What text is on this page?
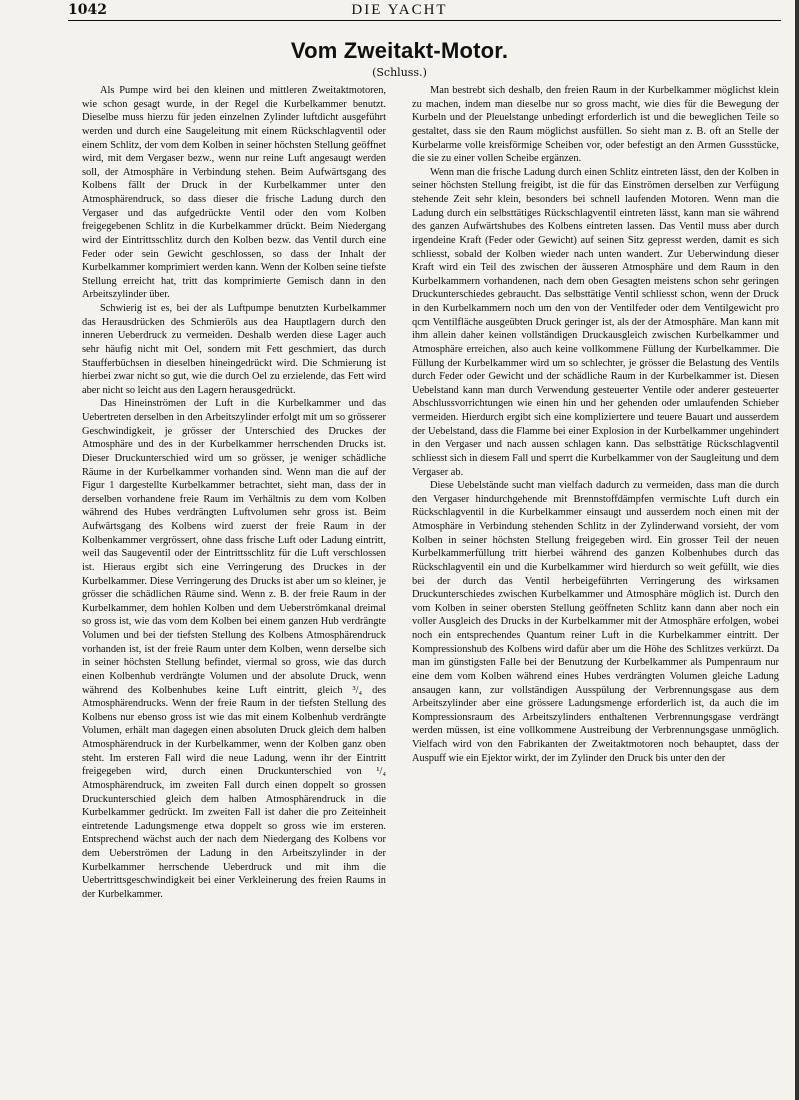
1042	DIE YACHT
Vom Zweitakt-Motor.
(Schluss.)

Als Pumpe wird bei den kleinen und mittleren Zweitaktmotoren, wie schon gesagt wurde, in der Regel die Kurbelkammer benutzt. Dieselbe muss hierzu für jeden einzelnen Zylinder luftdicht ausgeführt werden und durch eine Saugeleitung mit einem Rückschlagventil oder einem Schlitz, der vom dem Kolben in seiner höchsten Stellung geöffnet wird, mit dem Vergaser bezw., wenn nur reine Luft angesaugt werden soll, der Atmosphäre in Verbindung stehen. Beim Aufwärtsgang des Kolbens fällt der Druck in der Kurbelkammer unter den Atmosphärendruck, so dass dieser die frische Ladung durch den Vergaser und das aufgedrückte Ventil oder den vom Kolben freigegebenen Schlitz in die Kurbelkammer drückt. Beim Niedergang wird der Eintrittsschlitz durch den Kolben bezw. das Ventil durch eine Feder oder sein Gewicht geschlossen, so dass der Inhalt der Kurbelkammer komprimiert werden kann. Wenn der Kolben seine tiefste Stellung erreicht hat, tritt das komprimierte Gemisch dann in den Arbeitszylinder über.

Schwierig ist es, bei der als Luftpumpe benutzten Kurbelkammer das Herausdrücken des Schmieröls aus dea Hauptlagern durch den inneren Ueberdruck zu vermeiden. Deshalb werden diese Lager auch sehr häufig nicht mit Oel, sondern mit Fett geschmiert, das durch Staufferbüchsen in dieselben hineingedrückt wird. Die Schmierung ist hierbei zwar nicht so gut, wie die durch Oel zu erzielende, das Fett wird aber nicht so leicht aus den Lagern herausgedrückt.

Das Hineinströmen der Luft in die Kurbelkammer und das Uebertreten derselben in den Arbeitszylinder erfolgt mit um so grösserer Geschwindigkeit, je grösser der Unterschied des Druckes der Atmosphäre und des in der Kurbelkammer herrschenden Drucks ist. Dieser Druckunterschied wird um so grösser, je weniger schädliche Räume in der Kurbelkammer vorhanden sind. Wenn man die auf der Figur 1 dargestellte Kurbelkammer betrachtet, sieht man, dass der in derselben vorhandene freie Raum im Verhältnis zu dem vom Kolben während des Hubes verdrängten Luftvolumen sehr gross ist. Beim Aufwärtsgang des Kolbens wird zuerst der freie Raum in der Kolbenkammer vergrössert, ohne dass frische Luft oder Ladung eintritt, weil das Saugeventil oder der Eintrittsschlitz für die Luft verschlossen ist. Hieraus ergibt sich eine Verringerung des Druckes in der Kurbelkammer. Diese Verringerung des Drucks ist aber um so kleiner, je grösser die schädlichen Räume sind. Wenn z. B. der freie Raum in der Kurbelkammer, dem hohlen Kolben und dem Ueberströmkanal dreimal so gross ist, wie das vom dem Kolben bei einem ganzen Hub verdrängte Volumen und bei der tiefsten Stellung des Kolbens Atmosphärendruck vorhanden ist, ist der freie Raum unter dem Kolben, wenn derselbe sich in seiner höchsten Stellung befindet, viermal so gross, wie das durch einen Kolbenhub verdrängte Volumen und der absolute Druck, wenn während des Kolbenhubes keine Luft eintritt, gleich ³/₄ des Atmosphärendrucks. Wenn der freie Raum in der tiefsten Stellung des Kolbens nur ebenso gross ist wie das mit einem Kolbenhub verdrängte Volumen, erhält man dagegen einen absoluten Druck gleich dem halben Atmosphärendruck in der Kurbelkammer, wenn der Kolben ganz oben steht. Im ersteren Fall wird die neue Ladung, wenn ihr der Eintritt freigegeben wird, durch einen Druckunterschied von ¹/₄ Atmosphärendruck, im zweiten Fall durch einen doppelt so grossen Druckunterschied gleich dem halben Atmosphärendruck in die Kurbelkammer gedrückt. Im zweiten Fall ist daher die pro Zeiteinheit eintretende Ladungsmenge etwa doppelt so gross wie im ersteren. Entsprechend wächst auch der nach dem Niedergang des Kolbens vor dem Ueberströmen der Ladung in den Arbeitszylinder in der Kurbelkammer herrschende Ueberdruck und mit ihm die Uebertrittsgeschwindigkeit bei einer Verkleinerung des freien Raums in der Kurbelkammer.

Man bestrebt sich deshalb, den freien Raum in der Kurbelkammer möglichst klein zu machen, indem man dieselbe nur so gross macht, wie dies für die Bewegung der Kurbeln und der Pleuelstange unbedingt erforderlich ist und die beweglichen Teile so gestaltet, dass sie den Raum möglichst ausfüllen. So sieht man z. B. oft an Stelle der Kurbelarme volle kreisförmige Scheiben vor, oder befestigt an den Armen Gussstücke, die sie zu einer vollen Scheibe ergänzen.

Wenn man die frische Ladung durch einen Schlitz eintreten lässt, den der Kolben in seiner höchsten Stellung freigibt, ist die für das Einströmen derselben zur Verfügung stehende Zeit sehr klein, besonders bei schnell laufenden Motoren. Wenn man die Ladung durch ein selbsttätiges Rückschlagventil eintreten lässt, kann man sie während des ganzen Aufwärtshubes des Kolbens eintreten lassen. Das Ventil muss aber durch irgendeine Kraft (Feder oder Gewicht) auf seinen Sitz gepresst werden, damit es sich schliesst, sobald der Kolben wieder nach unten wandert. Zur Ueberwindung dieser Kraft wird ein Teil des zwischen der äusseren Atmosphäre und dem Raum in den Kurbelkammern vorhandenen, nach dem oben Gesagten meistens schon sehr geringen Druckunterschiedes gebraucht. Das selbsttätige Ventil schliesst schon, wenn der Druck in den Kurbelkammern noch um den von der Ventilfeder oder dem Ventilgewicht pro qcm Ventilfläche ausgeübten Druck geringer ist, als der der Atmosphäre. Man kann mit ihm allein daher keinen vollständigen Druckausgleich zwischen Kurbelkammer und Atmosphäre erreichen, also auch keine vollkommene Füllung der Kurbelkammer. Die Füllung der Kurbelkammer wird um so schlechter, je grösser die Belastung des Ventils durch Feder oder Gewicht und der schädliche Raum in der Kurbelkammer ist. Diesen Uebelstand kann man durch Verwendung gesteuerter Ventile oder anderer gesteuerter Abschlussvorrichtungen wie einen hin und her gehenden oder umlaufenden Schieber vermeiden. Hierdurch ergibt sich eine kompliziertere und teuere Bauart und ausserdem der Uebelstand, dass die Flamme bei einer Explosion in der Kurbelkammer ungehindert in den Vergaser und nach aussen schlagen kann. Das selbsttätige Rückschlagventil schliesst sich in diesem Fall und sperrt die Kurbelkammer von der Saugleitung und dem Vergaser ab.

Diese Uebelstände sucht man vielfach dadurch zu vermeiden, dass man die durch den Vergaser hindurchgehende mit Brennstoffdämpfen vermischte Luft durch ein Rückschlagventil in die Kurbelkammer einsaugt und ausserdem noch einen mit der Atmosphäre in Verbindung stehenden Schlitz in der Zylinderwand vorsieht, der vom Kolben in seiner höchsten Stellung freigegeben wird. Ein grosser Teil der neuen Kurbelkammerfüllung tritt hierbei während des ganzen Kolbenhubes durch das Rückschlagventil ein und die Kurbelkammer wird hierdurch so weit gefüllt, wie dies bei der durch das Ventil herbeigeführten Verringerung des wirksamen Druckunterschiedes zwischen Kurbelkammer und Atmosphäre möglich ist. Durch den vom Kolben in seiner obersten Stellung geöffneten Schlitz kann dann aber noch ein voller Ausgleich des Drucks in der Kurbelkammer mit der Atmosphäre erfolgen, wobei noch ein entsprechendes Quantum reiner Luft in die Kurbelkammer eintritt. Der Kompressionshub des Kolbens wird dafür aber um die Höhe des Schlitzes verkürzt. Da man im günstigsten Falle bei der Benutzung der Kurbelkammer als Pumpenraum nur eine dem vom Kolben während eines Hubes verdrängten Volumen gleiche Ladung ansaugen kann, zur vollständigen Ausspülung der Verbrennungsgase aus dem Arbeitszylinder aber eine grössere Ladungsmenge erforderlich ist, da auch die im Kompressionsraum des Arbeitszylinders enthaltenen Verbrennungsgase verdrängt werden müssen, ist eine vollkommene Austreibung der Verbrennungsgase unmöglich. Vielfach wird von den Fabrikanten der Zweitaktmotoren noch behauptet, dass der Auspuff wie ein Ejektor wirkt, der im Zylinder den Druck bis unter den der
